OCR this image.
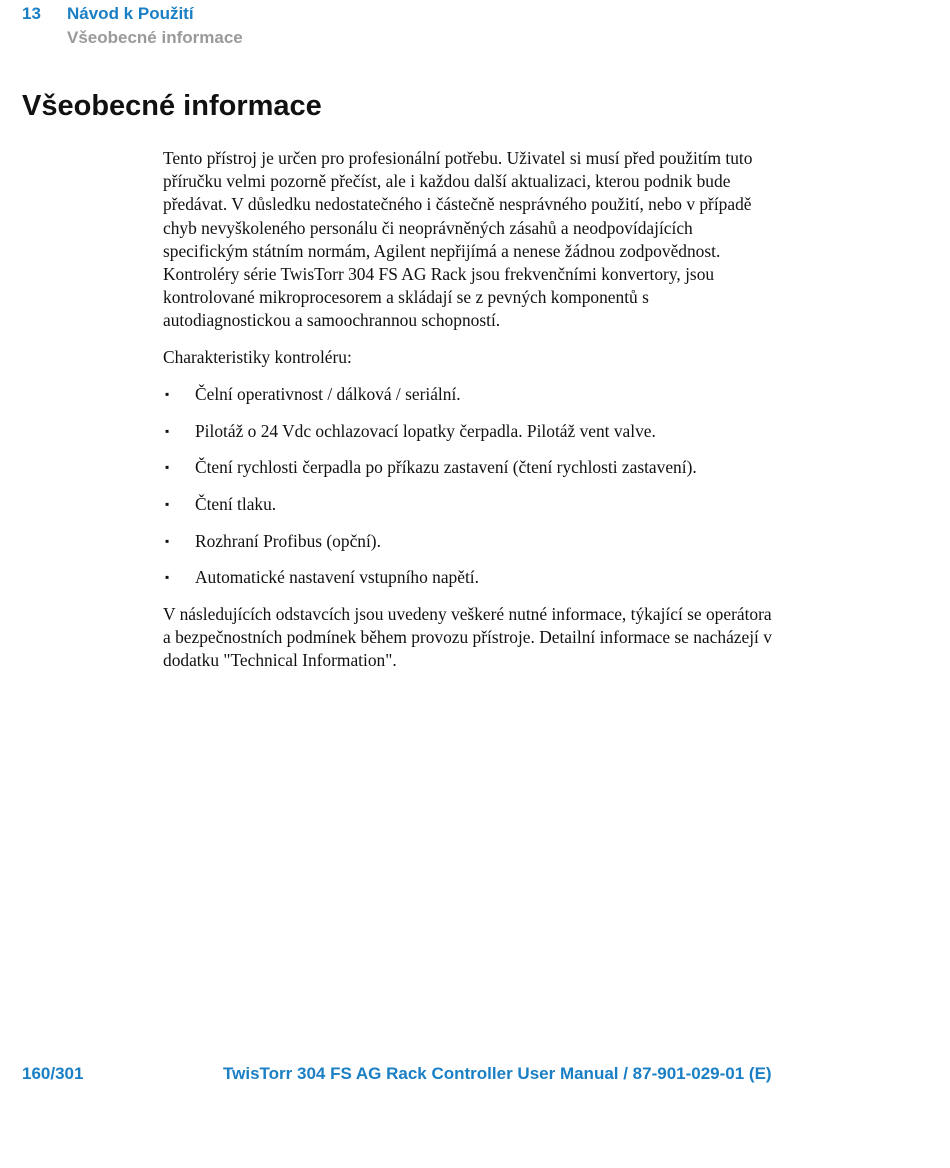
13	Návod k Použití
Všeobecné informace
Všeobecné informace

Tento přístroj je určen pro profesionální potřebu. Uživatel si musí před použitím tuto příručku velmi pozorně přečíst, ale i každou další aktualizaci, kterou podnik bude předávat. V důsledku nedostatečného i částečně nesprávného použití, nebo v případě chyb nevyškoleného personálu či neoprávněných zásahů a neodpovídajících specifickým státním normám, Agilent nepřijímá a nenese žádnou zodpovědnost. Kontroléry série TwisTorr 304 FS AG Rack jsou frekvenčními konvertory, jsou kontrolované mikroprocesorem a skládají se z pevných komponentů s autodiagnostickou a samoochrannou schopností.

Charakteristiky kontroléru:

▪ Čelní operativnost / dálková / seriální.
▪ Pilotáž o 24 Vdc ochlazovací lopatky čerpadla. Pilotáž vent valve.
▪ Čtení rychlosti čerpadla po příkazu zastavení (čtení rychlosti zastavení).
▪ Čtení tlaku.
▪ Rozhraní Profibus (opční).
▪ Automatické nastavení vstupního napětí.

V následujících odstavcích jsou uvedeny veškeré nutné informace, týkající se operátora a bezpečnostních podmínek během provozu přístroje. Detailní informace se nacházejí v dodatku "Technical Information".

160/301	TwisTorr 304 FS AG Rack Controller User Manual / 87-901-029-01 (E)
